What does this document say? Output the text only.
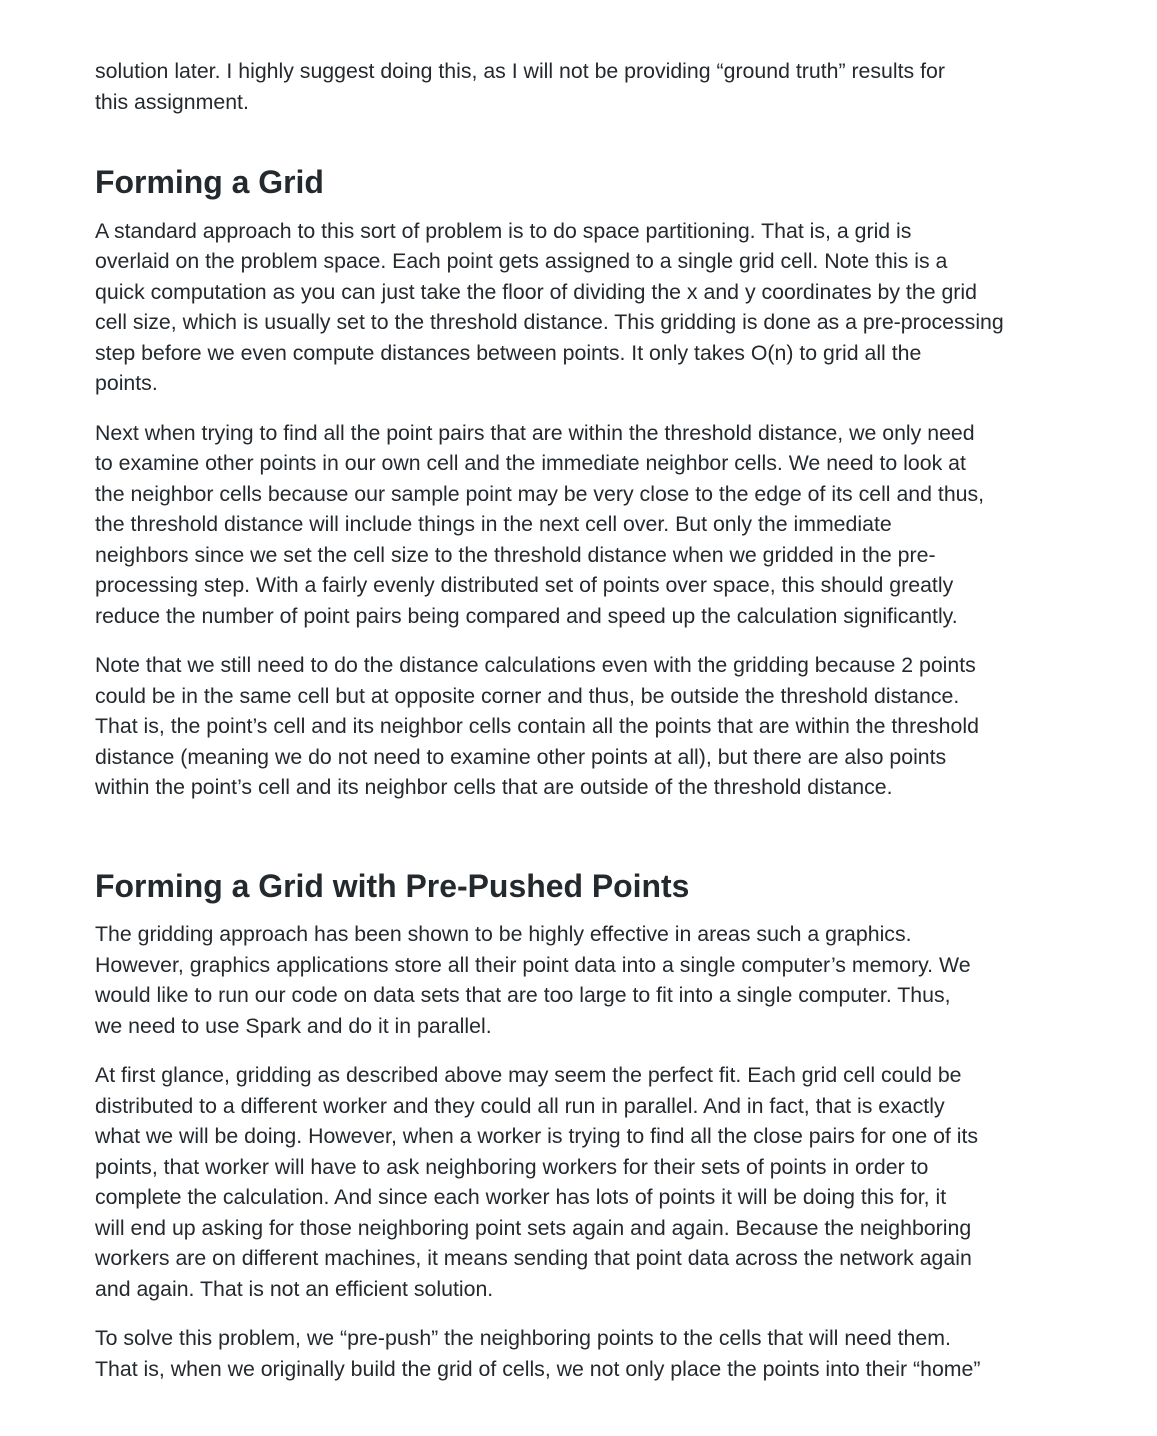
solution later. I highly suggest doing this, as I will not be providing “ground truth” results for
this assignment.

Forming a Grid

A standard approach to this sort of problem is to do space partitioning. That is, a grid is
overlaid on the problem space. Each point gets assigned to a single grid cell. Note this is a
quick computation as you can just take the floor of dividing the x and y coordinates by the grid
cell size, which is usually set to the threshold distance. This gridding is done as a pre-processing
step before we even compute distances between points. It only takes O(n) to grid all the
points.

Next when trying to find all the point pairs that are within the threshold distance, we only need
to examine other points in our own cell and the immediate neighbor cells. We need to look at
the neighbor cells because our sample point may be very close to the edge of its cell and thus,
the threshold distance will include things in the next cell over. But only the immediate
neighbors since we set the cell size to the threshold distance when we gridded in the pre-
processing step. With a fairly evenly distributed set of points over space, this should greatly
reduce the number of point pairs being compared and speed up the calculation significantly.

Note that we still need to do the distance calculations even with the gridding because 2 points
could be in the same cell but at opposite corner and thus, be outside the threshold distance.
That is, the point’s cell and its neighbor cells contain all the points that are within the threshold
distance (meaning we do not need to examine other points at all), but there are also points
within the point’s cell and its neighbor cells that are outside of the threshold distance.

Forming a Grid with Pre-Pushed Points

The gridding approach has been shown to be highly effective in areas such a graphics.
However, graphics applications store all their point data into a single computer’s memory. We
would like to run our code on data sets that are too large to fit into a single computer. Thus,
we need to use Spark and do it in parallel.

At first glance, gridding as described above may seem the perfect fit. Each grid cell could be
distributed to a different worker and they could all run in parallel. And in fact, that is exactly
what we will be doing. However, when a worker is trying to find all the close pairs for one of its
points, that worker will have to ask neighboring workers for their sets of points in order to
complete the calculation. And since each worker has lots of points it will be doing this for, it
will end up asking for those neighboring point sets again and again. Because the neighboring
workers are on different machines, it means sending that point data across the network again
and again. That is not an efficient solution.

To solve this problem, we “pre-push” the neighboring points to the cells that will need them.
That is, when we originally build the grid of cells, we not only place the points into their “home”
